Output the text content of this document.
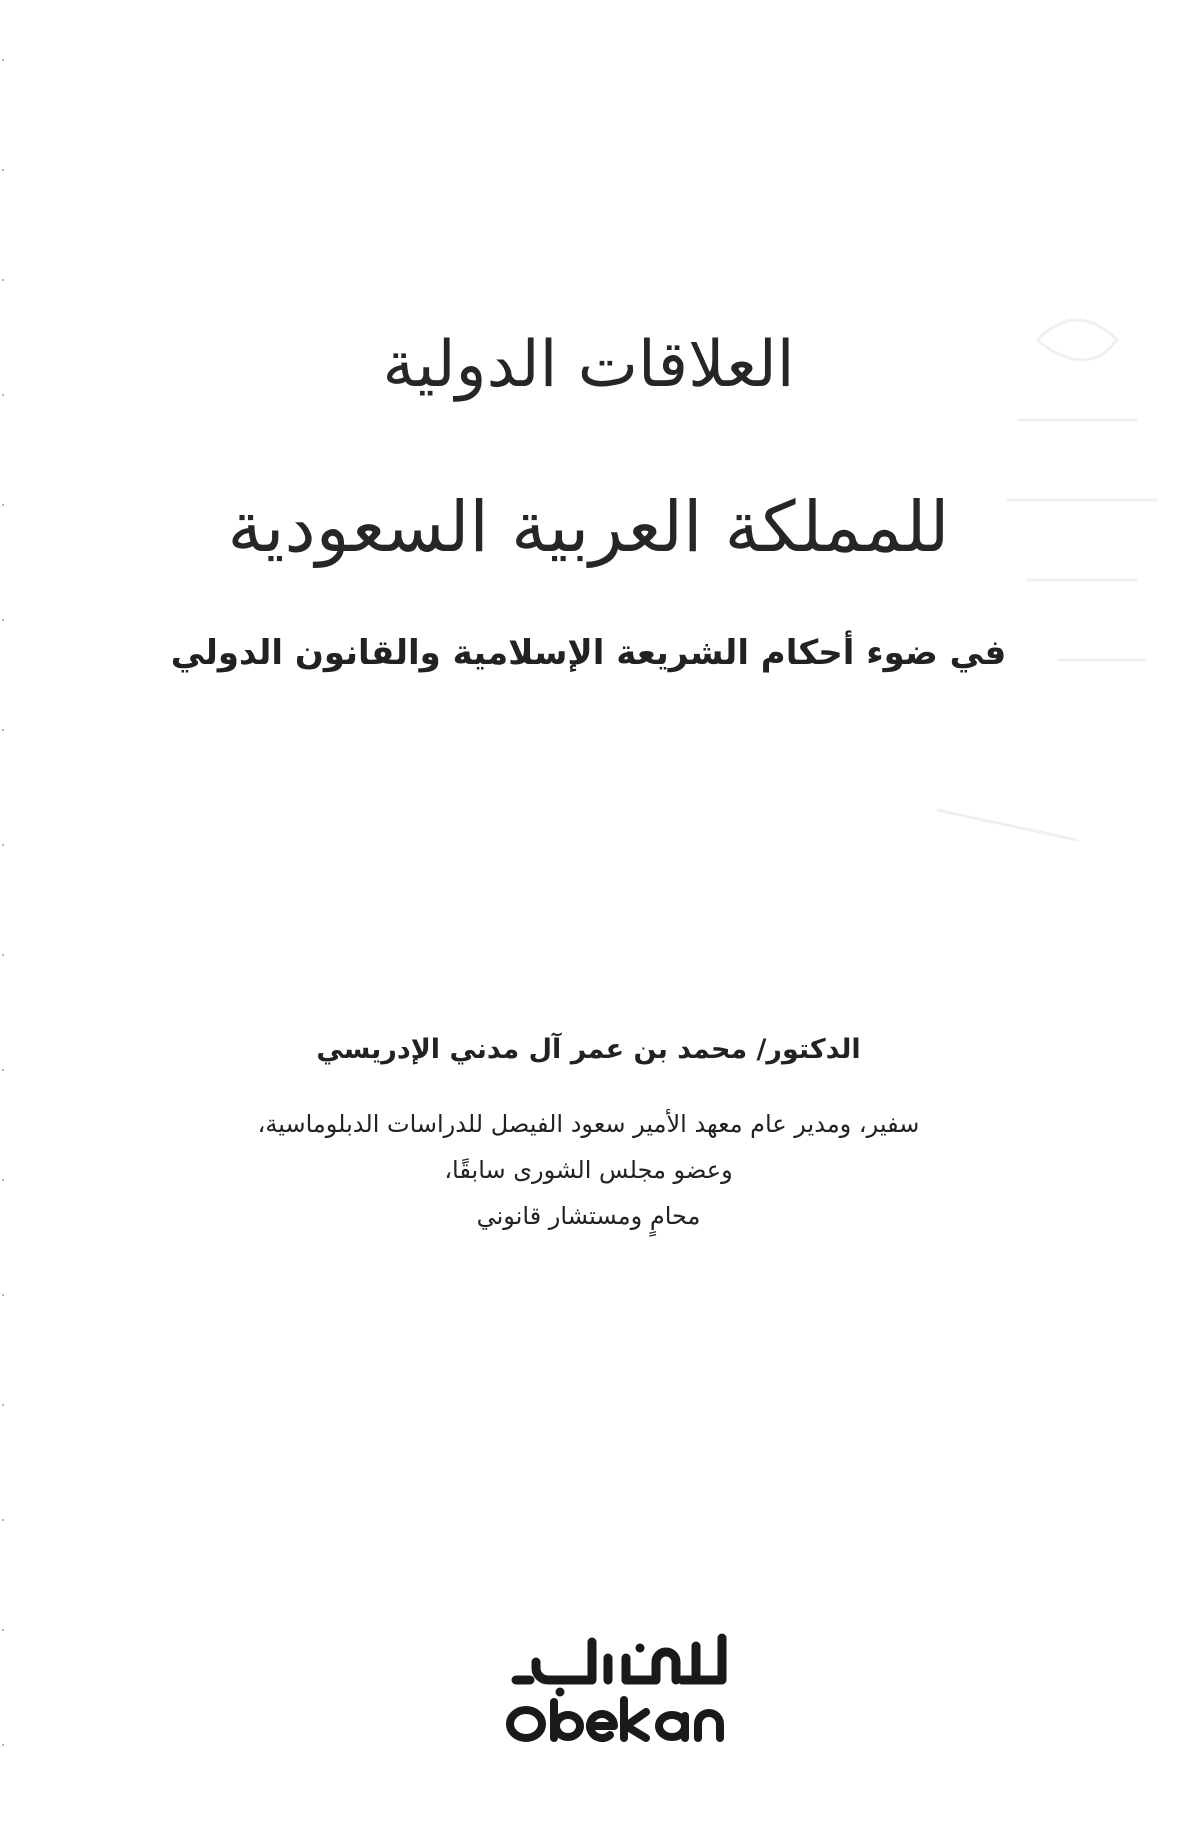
العلاقات الدولية
للمملكة العربية السعودية
في ضوء أحكام الشريعة الإسلامية والقانون الدولي
الدكتور/ محمد بن عمر آل مدني الإدريسي
سفير، ومدير عام معهد الأمير سعود الفيصل للدراسات الدبلوماسية،
وعضو مجلس الشورى سابقًا،
محامٍ ومستشار قانوني
